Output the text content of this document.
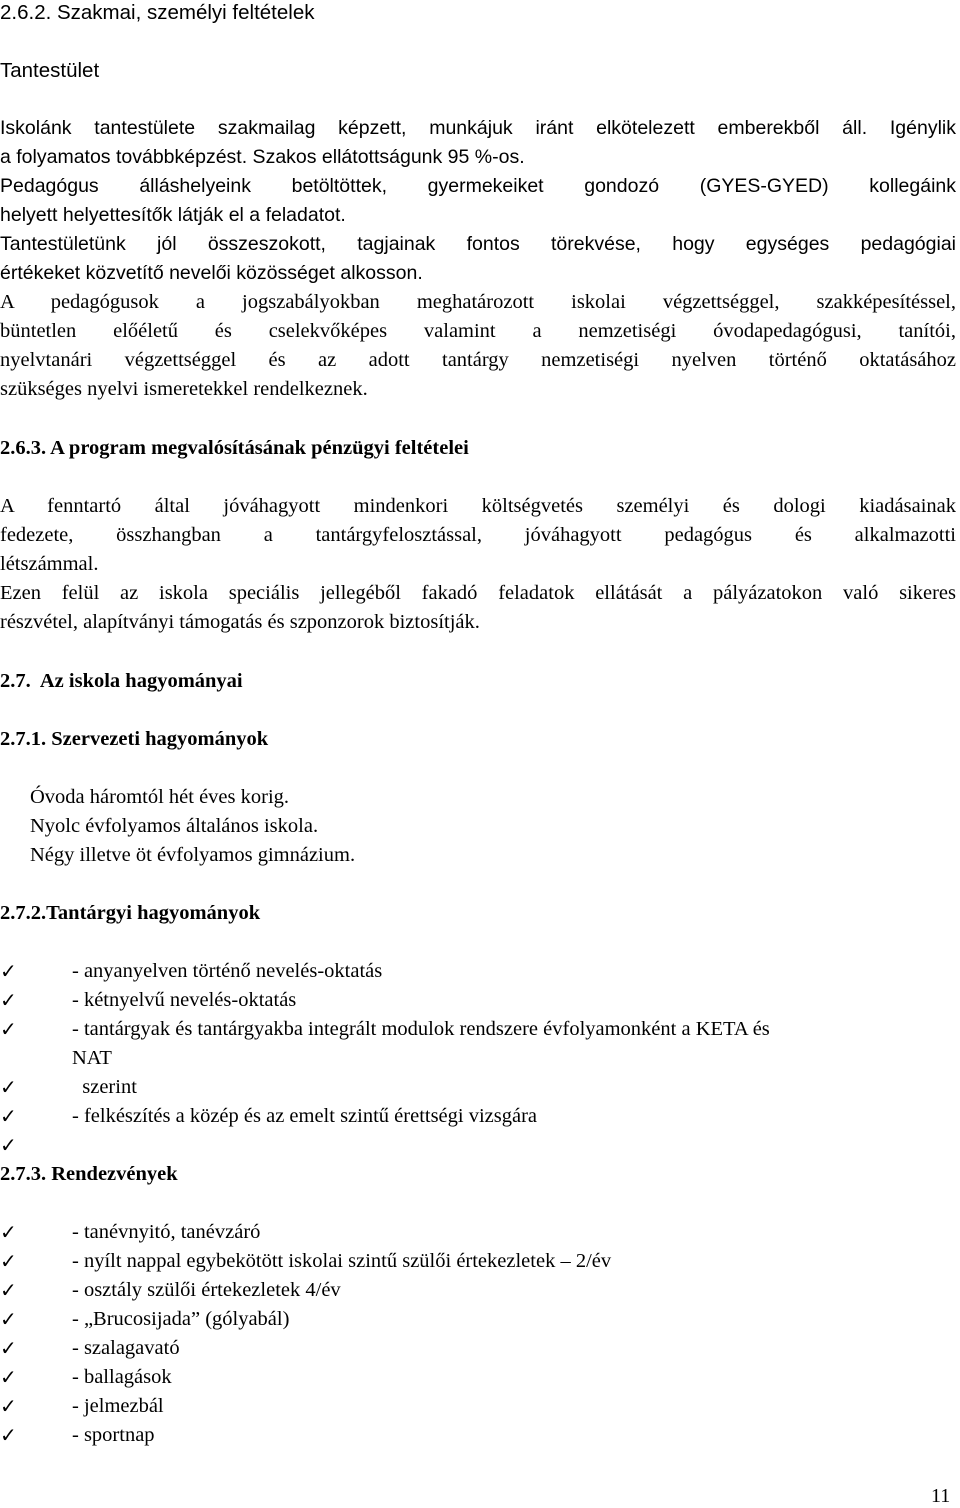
2.6.2. Szakmai, személyi feltételek
Tantestület
Iskolánk tantestülete szakmailag képzett, munkájuk iránt elkötelezett emberekből áll. Igénylik
a folyamatos továbbképzést. Szakos ellátottságunk 95 %-os.
Pedagógus álláshelyeink betöltöttek, gyermekeiket gondozó (GYES-GYED) kollegáink
helyett helyettesítők látják el a feladatot.
Tantestületünk jól összeszokott, tagjainak fontos törekvése, hogy egységes pedagógiai
értékeket közvetítő nevelői közösséget alkosson.
A pedagógusok a jogszabályokban meghatározott iskolai végzettséggel, szakképesítéssel,
büntetlen előéletű és cselekvőképes valamint a nemzetiségi óvodapedagógusi, tanítói,
nyelvtanári végzettséggel és az adott tantárgy nemzetiségi nyelven történő oktatásához
szükséges nyelvi ismeretekkel rendelkeznek.
2.6.3. A program megvalósításának pénzügyi feltételei
A fenntartó által jóváhagyott mindenkori költségvetés személyi és dologi kiadásainak
fedezete, összhangban a tantárgyfelosztással, jóváhagyott pedagógus és alkalmazotti
létszámmal.
Ezen felül az iskola speciális jellegéből fakadó feladatok ellátását a pályázatokon való sikeres
részvétel, alapítványi támogatás és szponzorok biztosítják.
2.7.  Az iskola hagyományai
2.7.1. Szervezeti hagyományok
Óvoda háromtól hét éves korig.
Nyolc évfolyamos általános iskola.
Négy illetve öt évfolyamos gimnázium.
2.7.2.Tantárgyi hagyományok
✓	- anyanyelven történő nevelés-oktatás
✓	- kétnyelvű nevelés-oktatás
✓	- tantárgyak és tantárgyakba integrált modulok rendszere évfolyamonként a KETA és
NAT
✓	szerint
✓	- felkészítés a közép és az emelt szintű érettségi vizsgára
✓
2.7.3. Rendezvények
✓	- tanévnyitó, tanévzáró
✓	- nyílt nappal egybekötött iskolai szintű szülői értekezletek – 2/év
✓	- osztály szülői értekezletek 4/év
✓	- „Brucosijada” (gólyabál)
✓	- szalagavató
✓	- ballagások
✓	- jelmezbál
✓	- sportnap
11
